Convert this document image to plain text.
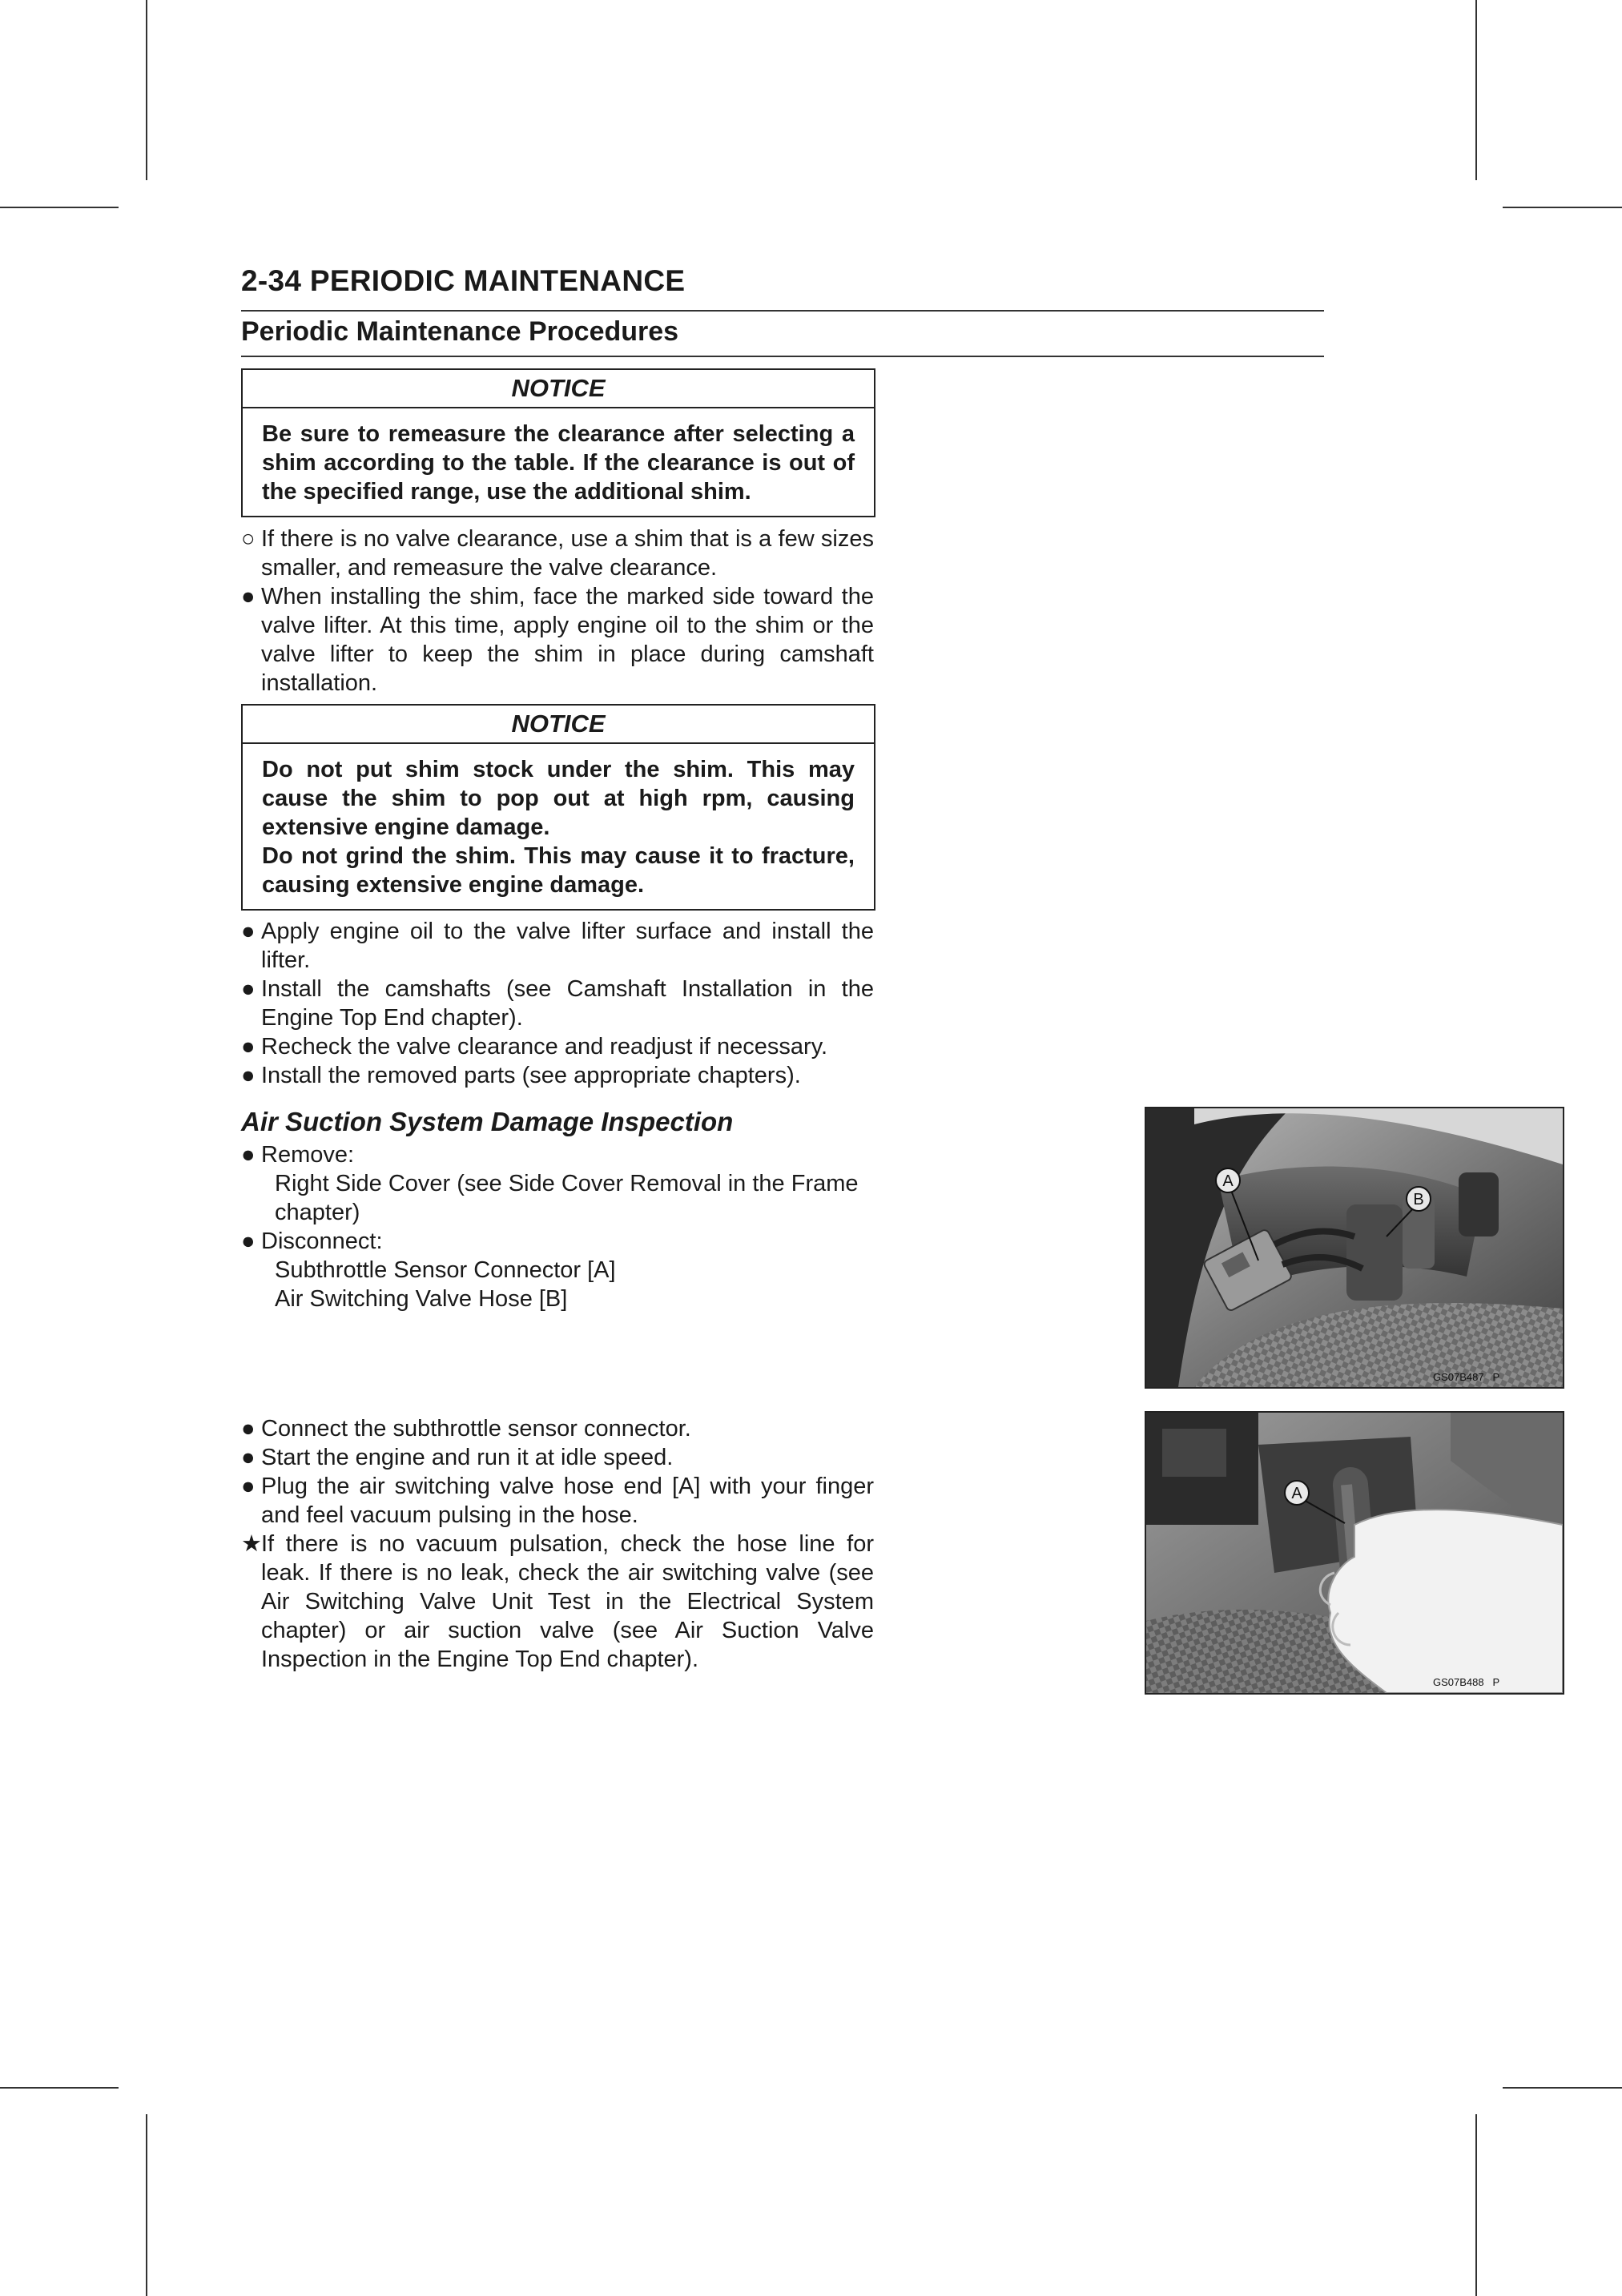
2-34 PERIODIC MAINTENANCE
Periodic Maintenance Procedures
NOTICE
Be sure to remeasure the clearance after selecting a shim according to the table. If the clearance is out of the specified range, use the additional shim.
○ If there is no valve clearance, use a shim that is a few sizes smaller, and remeasure the valve clearance.
● When installing the shim, face the marked side toward the valve lifter. At this time, apply engine oil to the shim or the valve lifter to keep the shim in place during camshaft installation.
NOTICE
Do not put shim stock under the shim. This may cause the shim to pop out at high rpm, causing extensive engine damage.
Do not grind the shim. This may cause it to fracture, causing extensive engine damage.
● Apply engine oil to the valve lifter surface and install the lifter.
● Install the camshafts (see Camshaft Installation in the Engine Top End chapter).
● Recheck the valve clearance and readjust if necessary.
● Install the removed parts (see appropriate chapters).
Air Suction System Damage Inspection
● Remove:
Right Side Cover (see Side Cover Removal in the Frame chapter)
● Disconnect:
Subthrottle Sensor Connector [A]
Air Switching Valve Hose [B]
● Connect the subthrottle sensor connector.
● Start the engine and run it at idle speed.
● Plug the air switching valve hose end [A] with your finger and feel vacuum pulsing in the hose.
★ If there is no vacuum pulsation, check the hose line for leak. If there is no leak, check the air switching valve (see Air Switching Valve Unit Test in the Electrical System chapter) or air suction valve (see Air Suction Valve Inspection in the Engine Top End chapter).
A
B
GS07B487 P
A
GS07B488 P
